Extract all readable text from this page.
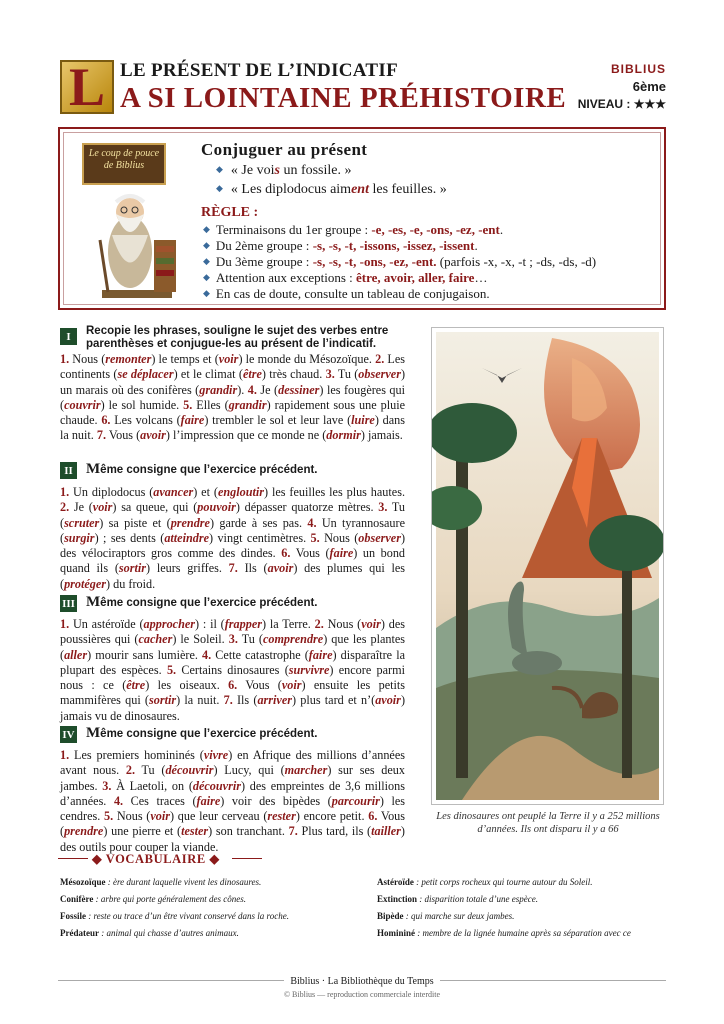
L LE PRÉSENT DE L’INDICATIF
A SI LOINTAINE PRÉHISTOIRE
BIBLIUS
6ème
NIVEAU : ★★★
Le coup de pouce de Biblius
Conjuguer au présent
◆ « Je vois un fossile. »
◆ « Les diplodocus aiment les feuilles. »
RÈGLE :
◆ Terminaisons du 1er groupe : -e, -es, -e, -ons, -ez, -ent.
◆ Du 2ème groupe : -s, -s, -t, -issons, -issez, -issent.
◆ Du 3ème groupe : -s, -s, -t, -ons, -ez, -ent. (parfois -x, -x, -t ; -ds, -ds, -d)
◆ Attention aux exceptions : être, avoir, aller, faire…
◆ En cas de doute, consulte un tableau de conjugaison.
I	Recopie les phrases, souligne le sujet des verbes entre parenthèses et conjugue-les au présent de l’indicatif.
1. Nous (remonter) le temps et (voir) le monde du Mésozoïque. 2. Les continents (se déplacer) et le climat (être) très chaud. 3. Tu (observer) un marais où des conifères (grandir). 4. Je (dessiner) les fougères qui (couvrir) le sol humide. 5. Elles (grandir) rapidement sous une pluie chaude. 6. Les volcans (faire) trembler le sol et leur lave (luire) dans la nuit. 7. Vous (avoir) l’impression que ce monde ne (dormir) jamais.
II Même consigne que l’exercice précédent.
1. Un diplodocus (avancer) et (engloutir) les feuilles les plus hautes. 2. Je (voir) sa queue, qui (pouvoir) dépasser quatorze mètres. 3. Tu (scruter) sa piste et (prendre) garde à ses pas. 4. Un tyrannosaure (surgir) ; ses dents (atteindre) vingt centimètres. 5. Nous (observer) des vélociraptors gros comme des dindes. 6. Vous (faire) un bond quand ils (sortir) leurs griffes. 7. Ils (avoir) des plumes qui les (protéger) du froid.
III Même consigne que l’exercice précédent.
1. Un astéroïde (approcher) : il (frapper) la Terre. 2. Nous (voir) des poussières qui (cacher) le Soleil. 3. Tu (comprendre) que les plantes (aller) mourir sans lumière. 4. Cette catastrophe (faire) disparaître la plupart des espèces. 5. Certains dinosaures (survivre) encore parmi nous : ce (être) les oiseaux. 6. Vous (voir) ensuite les petits mammifères qui (sortir) la nuit. 7. Ils (arriver) plus tard et n’(avoir) jamais vu de dinosaures.
IV Même consigne que l’exercice précédent.
1. Les premiers homininés (vivre) en Afrique des millions d’années avant nous. 2. Tu (découvrir) Lucy, qui (marcher) sur ses deux jambes. 3. À Laetoli, on (découvrir) des empreintes de 3,6 millions d’années. 4. Ces traces (faire) voir des bipèdes (parcourir) les cendres. 5. Nous (voir) que leur cerveau (rester) encore petit. 6. Vous (prendre) une pierre et (tester) son tranchant. 7. Plus tard, ils (tailler) des outils pour couper la viande.
Les dinosaures ont peuplé la Terre il y a 252 millions d’années. Ils ont disparu il y a 66
◆ VOCABULAIRE ◆
Mésozoïque : ère durant laquelle vivent les dinosaures.
Conifère : arbre qui porte généralement des cônes.
Fossile : reste ou trace d’un être vivant conservé dans la roche.
Prédateur : animal qui chasse d’autres animaux.
Astéroïde : petit corps rocheux qui tourne autour du Soleil.
Extinction : disparition totale d’une espèce.
Bipède : qui marche sur deux jambes.
Homininé : membre de la lignée humaine après sa séparation avec ce
Biblius · La Bibliothèque du Temps
© Biblius — reproduction commerciale interdite
